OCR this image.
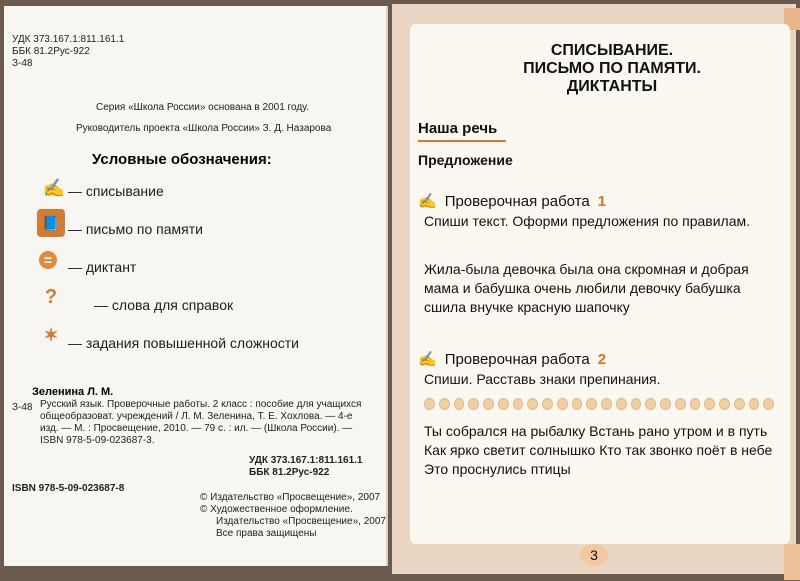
УДК 373.167.1:811.161.1
ББК 81.2Рус-922
З-48
Серия «Школа России» основана в 2001 году.
Руководитель проекта «Школа России» З. Д. Назарова
Условные обозначения:
✍ — списывание
📘 — письмо по памяти
=	— диктант
?	— слова для справок
✶ — задания повышенной сложности
Зеленина Л. М.
З-48 Русский язык. Проверочные работы. 2 класс : пособие для учащихся общеобразоват. учреждений / Л. М. Зеленина, Т. Е. Хохлова. — 4-е изд. — М. : Просвещение, 2010. — 79 с. : ил. — (Школа России). — ISBN 978-5-09-023687-3.
УДК 373.167.1:811.161.1
ББК 81.2Рус-922
ISBN 978-5-09-023687-8
© Издательство «Просвещение», 2007
© Художественное оформление.
Издательство «Просвещение», 2007
Все права защищены
СПИСЫВАНИЕ.
ПИСЬМО ПО ПАМЯТИ.
ДИКТАНТЫ
Наша речь
Предложение
✍ Проверочная работа 1
Спиши текст. Оформи предложения по правилам.
Жила-была девочка была она скромная и добрая мама и бабушка очень любили девочку бабушка сшила внучке красную шапочку
✍ Проверочная работа 2
Спиши. Расставь знаки препинания.
Ты собрался на рыбалку Встань рано утром и в путь Как ярко светит солнышко Кто так звонко поёт в небе Это проснулись птицы
3
